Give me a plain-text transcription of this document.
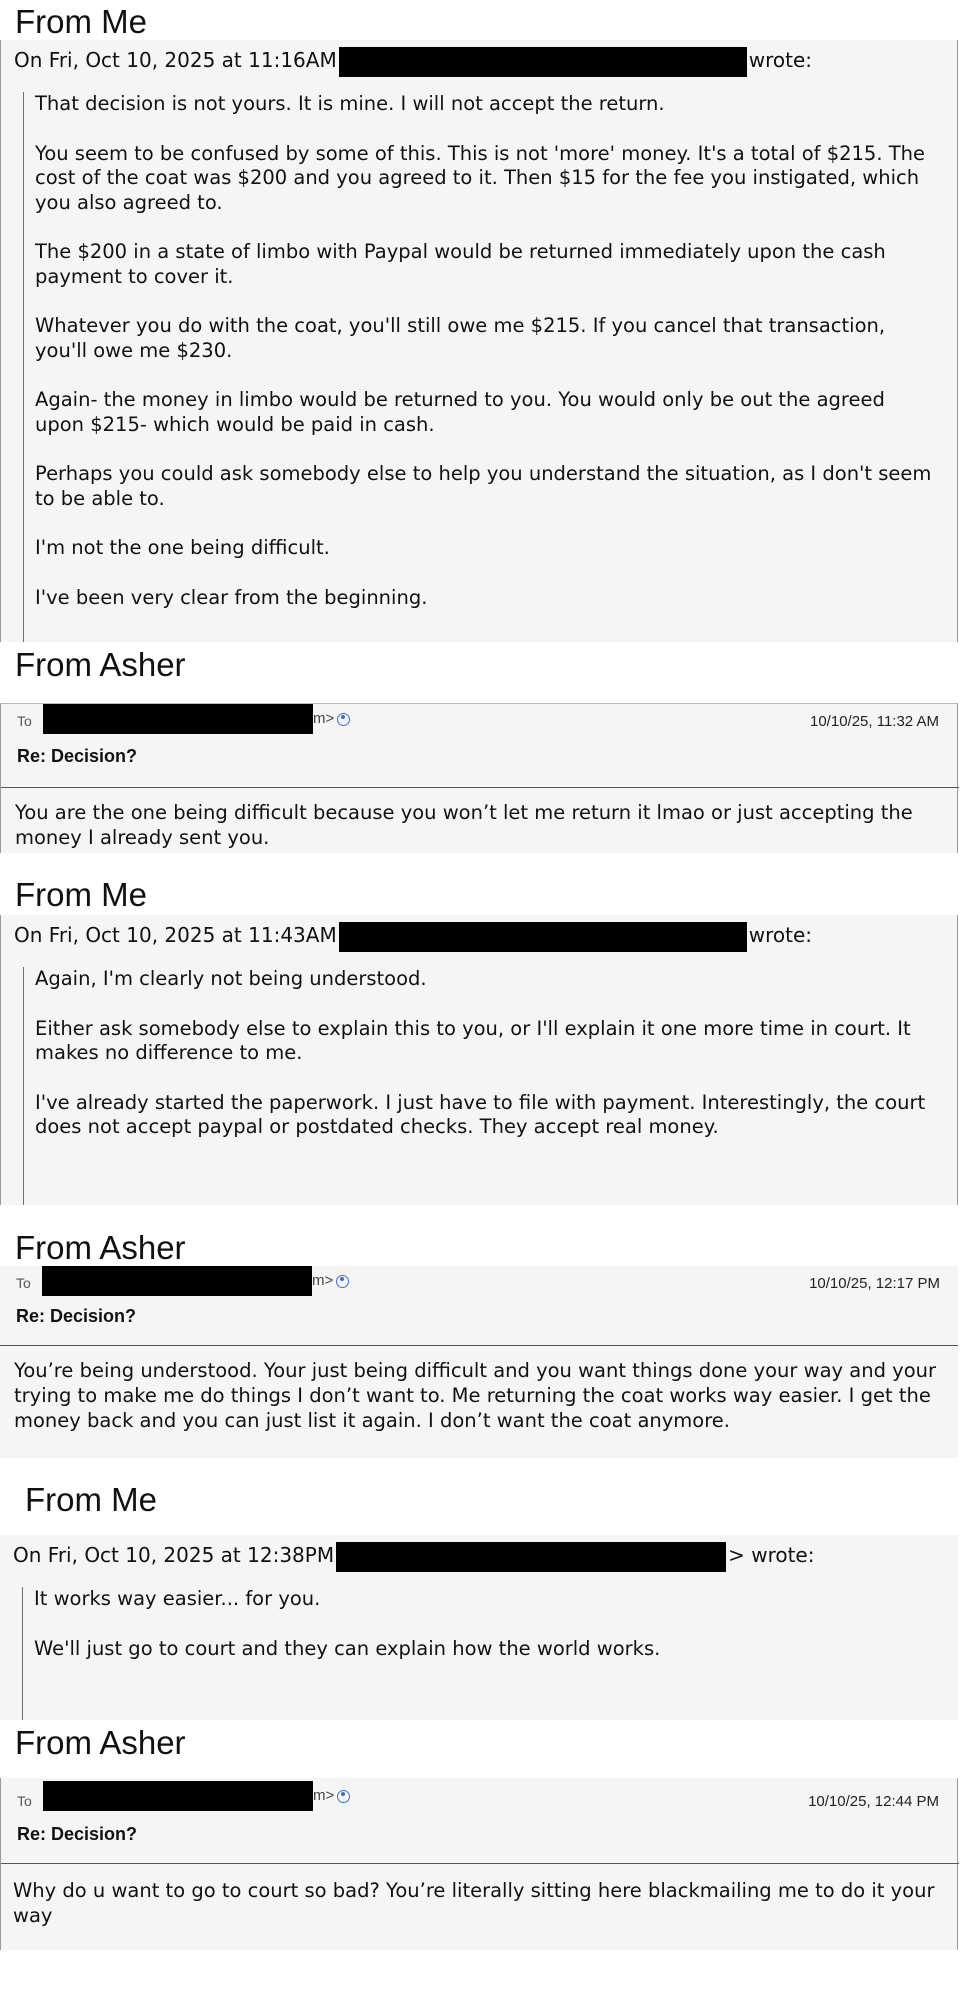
From Me
On Fri, Oct 10, 2025 at 11:16AM	wrote:

That decision is not yours. It is mine. I will not accept the return.

You seem to be confused by some of this. This is not 'more' money. It's a total of $215. The cost of the coat was $200 and you agreed to it. Then $15 for the fee you instigated, which you also agreed to.

The $200 in a state of limbo with Paypal would be returned immediately upon the cash payment to cover it.

Whatever you do with the coat, you'll still owe me $215. If you cancel that transaction, you'll owe me $230.

Again- the money in limbo would be returned to you. You would only be out the agreed upon $215- which would be paid in cash.

Perhaps you could ask somebody else to help you understand the situation, as I don't seem to be able to.

I'm not the one being difficult.

I've been very clear from the beginning.

From Asher
To	m>	10/10/25, 11:32 AM
Re: Decision?
You are the one being difficult because you won’t let me return it lmao or just accepting the money I already sent you.
From Me
On Fri, Oct 10, 2025 at 11:43AM	wrote:

Again, I'm clearly not being understood.

Either ask somebody else to explain this to you, or I'll explain it one more time in court. It makes no difference to me.

I've already started the paperwork. I just have to file with payment. Interestingly, the court does not accept paypal or postdated checks. They accept real money.

From Asher
To	m>	10/10/25, 12:17 PM
Re: Decision?
You’re being understood. Your just being difficult and you want things done your way and your trying to make me do things I don’t want to. Me returning the coat works way easier. I get the money back and you can just list it again. I don’t want the coat anymore.
From Me
On Fri, Oct 10, 2025 at 12:38PM	> wrote:

It works way easier... for you.

We'll just go to court and they can explain how the world works.

From Asher
To	m>	10/10/25, 12:44 PM
Re: Decision?
Why do u want to go to court so bad? You’re literally sitting here blackmailing me to do it your way
